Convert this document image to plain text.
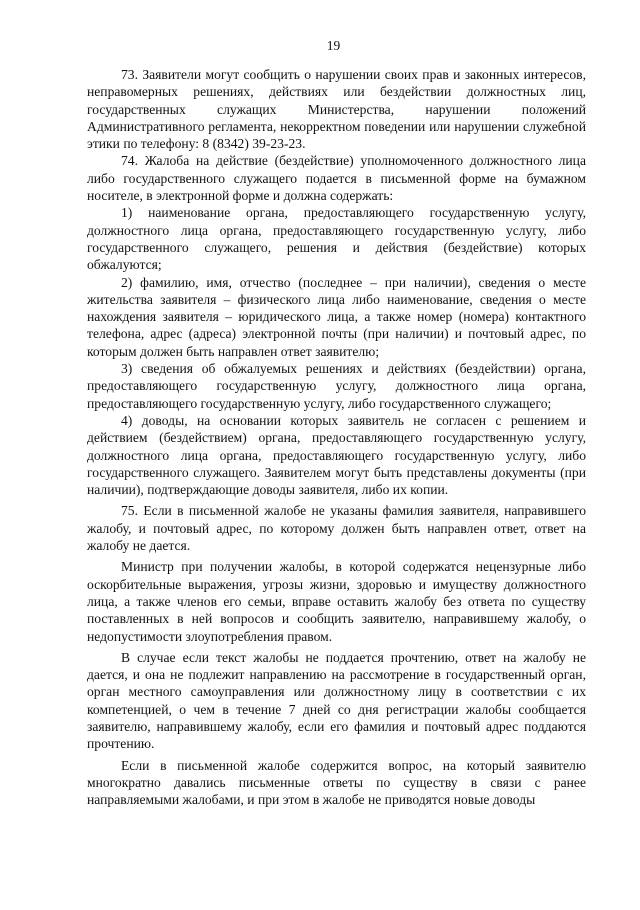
19

73. Заявители могут сообщить о нарушении своих прав и законных интересов, неправомерных решениях, действиях или бездействии должностных лиц, государственных служащих Министерства, нарушении положений Административного регламента, некорректном поведении или нарушении служебной этики по телефону: 8 (8342) 39-23-23.

74. Жалоба на действие (бездействие) уполномоченного должностного лица либо государственного служащего подается в письменной форме на бумажном носителе, в электронной форме и должна содержать:

1) наименование органа, предоставляющего государственную услугу, должностного лица органа, предоставляющего государственную услугу, либо государственного служащего, решения и действия (бездействие) которых обжалуются;

2) фамилию, имя, отчество (последнее – при наличии), сведения о месте жительства заявителя – физического лица либо наименование, сведения о месте нахождения заявителя – юридического лица, а также номер (номера) контактного телефона, адрес (адреса) электронной почты (при наличии) и почтовый адрес, по которым должен быть направлен ответ заявителю;

3) сведения об обжалуемых решениях и действиях (бездействии) органа, предоставляющего государственную услугу, должностного лица органа, предоставляющего государственную услугу, либо государственного служащего;

4) доводы, на основании которых заявитель не согласен с решением и действием (бездействием) органа, предоставляющего государственную услугу, должностного лица органа, предоставляющего государственную услугу, либо государственного служащего. Заявителем могут быть представлены документы (при наличии), подтверждающие доводы заявителя, либо их копии.

75. Если в письменной жалобе не указаны фамилия заявителя, направившего жалобу, и почтовый адрес, по которому должен быть направлен ответ, ответ на жалобу не дается.

Министр при получении жалобы, в которой содержатся нецензурные либо оскорбительные выражения, угрозы жизни, здоровью и имуществу должностного лица, а также членов его семьи, вправе оставить жалобу без ответа по существу поставленных в ней вопросов и сообщить заявителю, направившему жалобу, о недопустимости злоупотребления правом.

В случае если текст жалобы не поддается прочтению, ответ на жалобу не дается, и она не подлежит направлению на рассмотрение в государственный орган, орган местного самоуправления или должностному лицу в соответствии с их компетенцией, о чем в течение 7 дней со дня регистрации жалобы сообщается заявителю, направившему жалобу, если его фамилия и почтовый адрес поддаются прочтению.

Если в письменной жалобе содержится вопрос, на который заявителю многократно давались письменные ответы по существу в связи с ранее направляемыми жалобами, и при этом в жалобе не приводятся новые доводы
